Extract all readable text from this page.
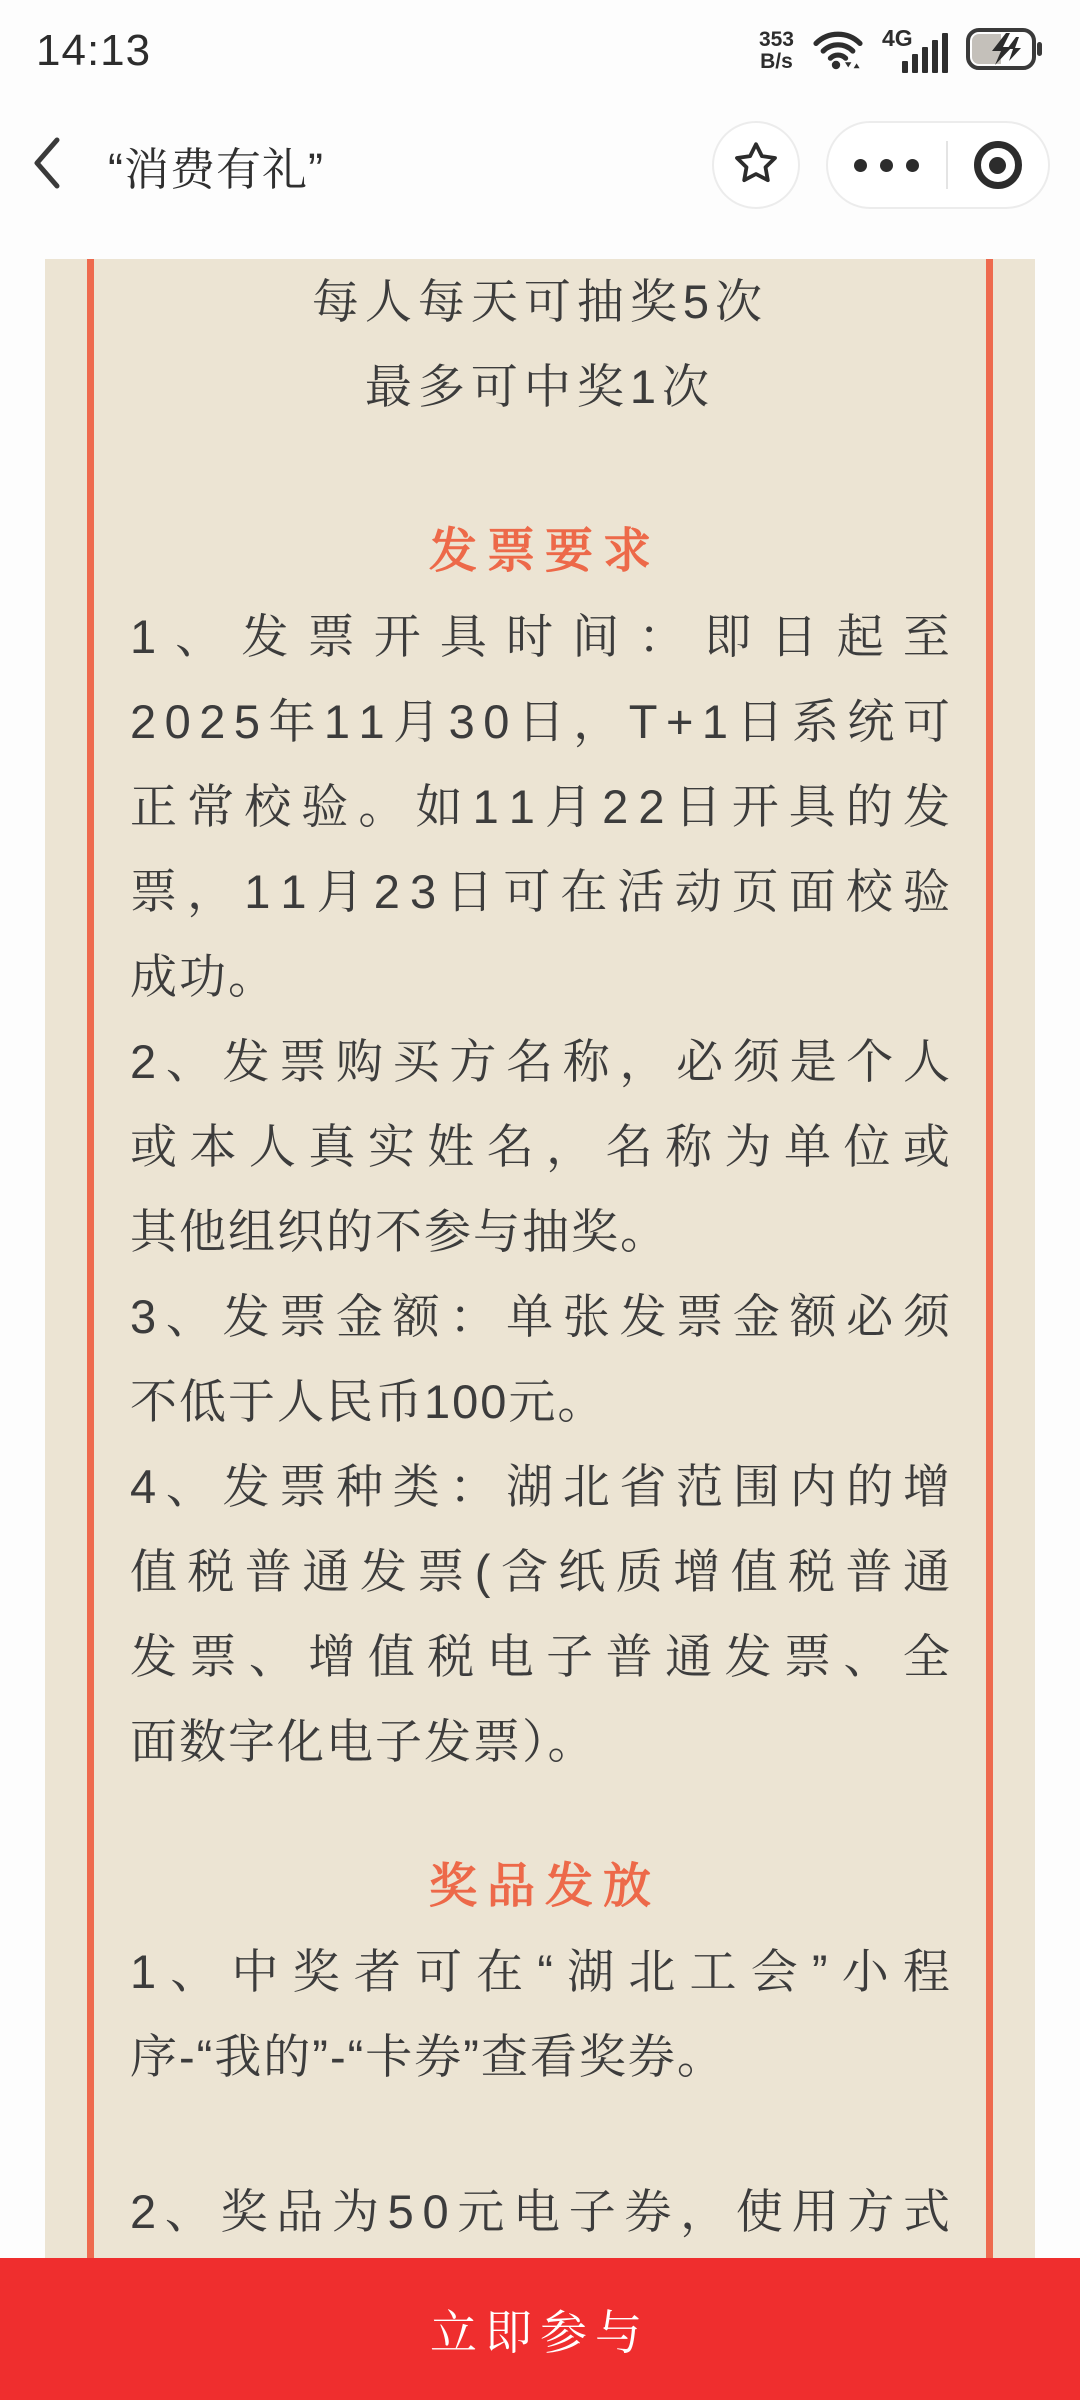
14:13	353
B/s
4G
“消费有礼”
每人每天可抽奖5次
最多可中奖1次
发票要求
1 、 发 票 开 具 时 间 ： 即 日 起 至
2 0 2 5 年 1 1 月 3 0 日 ， T + 1 日 系 统 可
正 常 校 验 。 如 1 1 月 2 2 日 开 具 的 发
票 ， 1 1 月 2 3 日 可 在 活 动 页 面 校 验
成功。
2 、 发 票 购 买 方 名 称 ， 必 须 是 个 人
或 本 人 真 实 姓 名 ， 名 称 为 单 位 或
其他组织的不参与抽奖。
3 、 发 票 金 额 ： 单 张 发 票 金 额 必 须
不低于人民币100元。
4 、 发 票 种 类 ： 湖 北 省 范 围 内 的 增
值 税 普 通 发 票 ( 含 纸 质 增 值 税 普 通
发 票 、 增 值 税 电 子 普 通 发 票 、 全
面数字化电子发票）。
奖品发放
1 、 中 奖 者 可 在 “ 湖 北 工 会 ” 小 程
序-“我的”-“卡券”查看奖券。
2 、 奖 品 为 5 0 元 电 子 券 ， 使 用 方 式
立即参与
